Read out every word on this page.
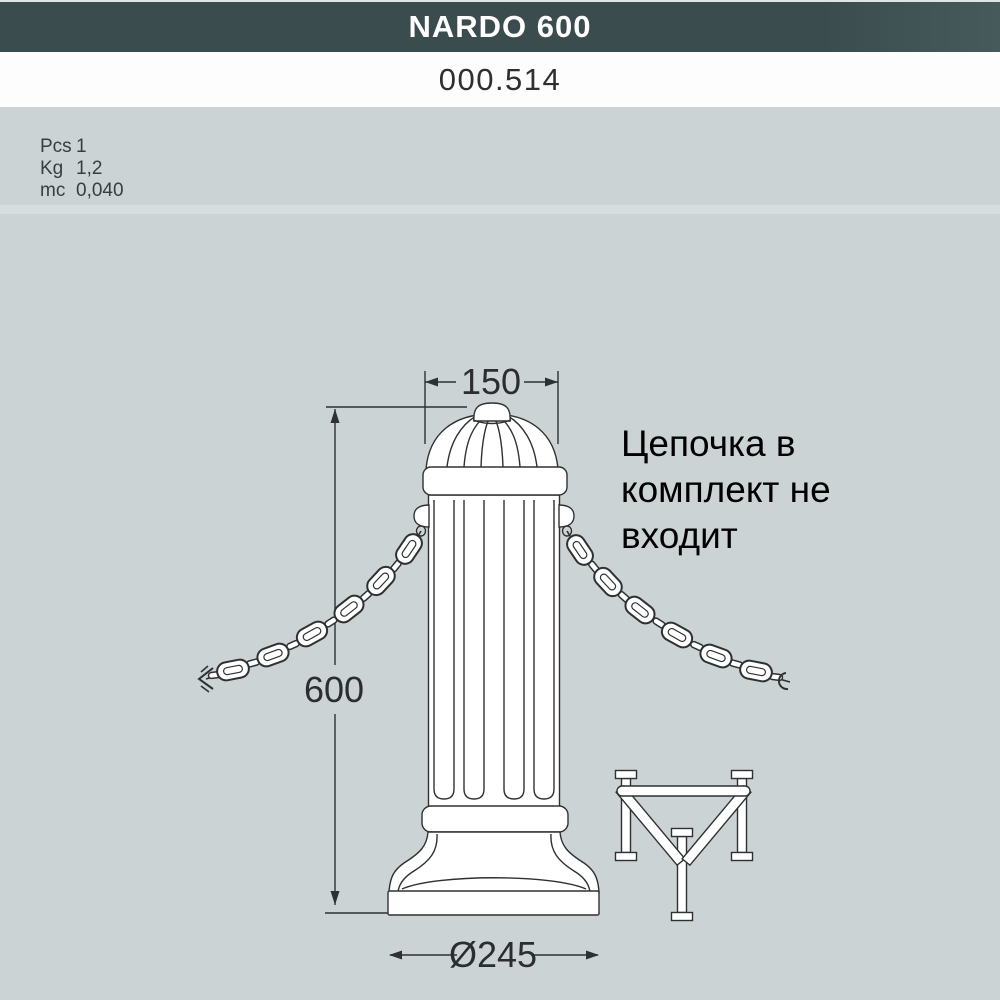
NARDO 600
000.514
Pcs 1
Kg 1,2
mc 0,040
Цепочка в
комплект не
входит
150
600
Ø245
